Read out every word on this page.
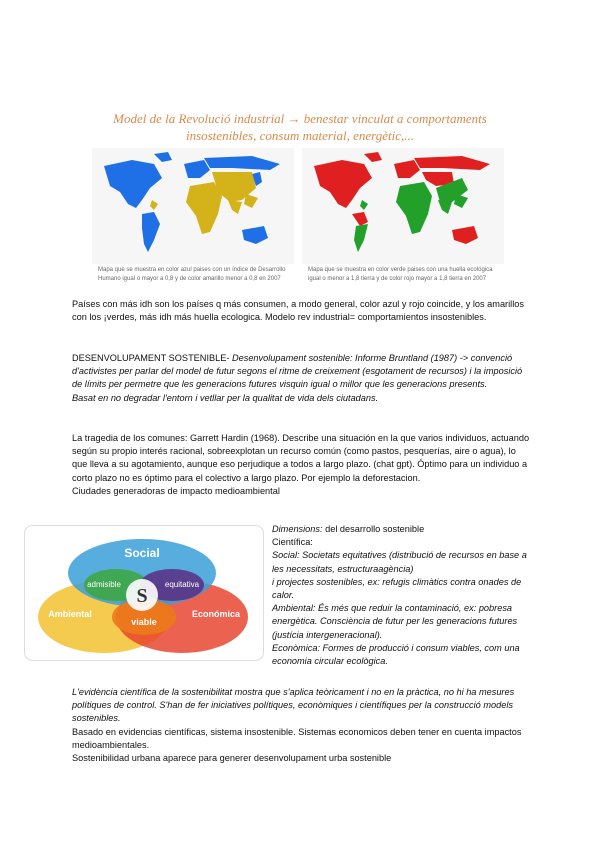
Model de la Revolució industrial → benestar vinculat a comportaments
insostenibles, consum material, energètic,...
Mapa que se muestra en color azul paises con un índice de Desarrollo
Humano igual o mayor a 0,8 y de color amarillo menor a 0,8 en 2007
Mapa que se muestra en color verde paises con una huella ecológica
igual o menor a 1,8 tierra y de color rojo mayor a 1,8 tierra en 2007

Países con más idh son los países q más consumen, a modo general, color azul y rojo coincide, y los amarillos con los ¡verdes, más idh más huella ecologica. Modelo rev industrial= comportamientos insostenibles.

DESENVOLUPAMENT SOSTENIBLE- Desenvolupament sostenible: Informe Bruntland (1987) -> convenció d'activistes per parlar del model de futur segons el ritme de creixement (esgotament de recursos) i la imposició de límits per permetre que les generacions futures visquin igual o millor que les generacions presents.

Basat en no degradar l'entorn i vetllar per la qualitat de vida dels ciutadans.

La tragedia de los comunes: Garrett Hardin (1968). Describe una situación en la que varios individuos, actuando según su propio interés racional, sobreexplotan un recurso común (como pastos, pesquerías, aire o agua), lo que lleva a su agotamiento, aunque eso perjudique a todos a largo plazo. (chat gpt). Óptimo para un individuo a corto plazo no es óptimo para el colectivo a largo plazo. Por ejemplo la deforestacion.

Ciudades generadoras de impacto medioambiental

Social
Ambiental	Económica
admisible	equitativa
viable
S
Dimensions: del desarrollo sostenible
Científica:
Social: Societats equitatives (distribució de recursos en base a les necessitats, estructuraagència)
i projectes sostenibles, ex: refugis climàtics contra onades de calor.
Ambiental: És més que reduir la contaminació, ex: pobresa energètica. Consciència de futur per les generacions futures (justícia intergeneracional).
Econòmica: Formes de producció i consum viables, com una economia circular ecològica.

L'evidència científica de la sostenibilitat mostra que s'aplica teòricament i no en la pràctica, no hi ha mesures polítiques de control. S'han de fer iniciatives polítiques, econòmiques i científiques per la construcció models sostenibles.

Basado en evidencias científicas, sistema insostenible. Sistemas economicos deben tener en cuenta impactos medioambientales.

Sostenibilidad urbana aparece para generer desenvolupament urba sostenible
